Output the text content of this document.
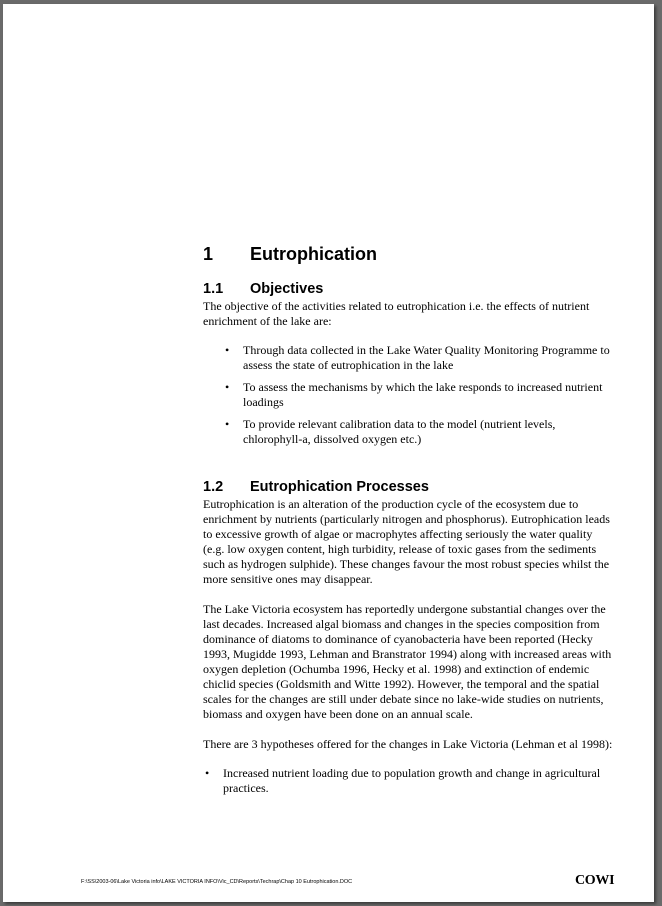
1	Eutrophication
1.1	Objectives

The objective of the activities related to eutrophication i.e. the effects of nutrient enrichment of the lake are:

• Through data collected in the Lake Water Quality Monitoring Programme to assess the state of eutrophication in the lake
• To assess the mechanisms by which the lake responds to increased nutrient loadings
• To provide relevant calibration data to the model (nutrient levels, chlorophyll-a, dissolved oxygen etc.)
1.2	Eutrophication Processes

Eutrophication is an alteration of the production cycle of the ecosystem due to enrichment by nutrients (particularly nitrogen and phosphorus). Eutrophication leads to excessive growth of algae or macrophytes affecting seriously the water quality (e.g. low oxygen content, high turbidity, release of toxic gases from the sediments such as hydrogen sulphide). These changes favour the most robust species whilst the more sensitive ones may disappear.

The Lake Victoria ecosystem has reportedly undergone substantial changes over the last decades. Increased algal biomass and changes in the species composition from dominance of diatoms to dominance of cyanobacteria have been reported (Hecky 1993, Mugidde 1993, Lehman and Branstrator 1994) along with increased areas with oxygen depletion (Ochumba 1996, Hecky et al. 1998) and extinction of endemic chiclid species (Goldsmith and Witte 1992). However, the temporal and the spatial scales for the changes are still under debate since no lake-wide studies on nutrients, biomass and oxygen have been done on an annual scale.

There are 3 hypotheses offered for the changes in Lake Victoria (Lehman et al 1998):

• Increased nutrient loading due to population growth and change in agricultural practices.
F:\SS\2003-06\Lake Victoria info\LAKE VICTORIA INFO\Vic_CD\Reports\Techrap\Chap 10 Eutrophication.DOC	COWI
